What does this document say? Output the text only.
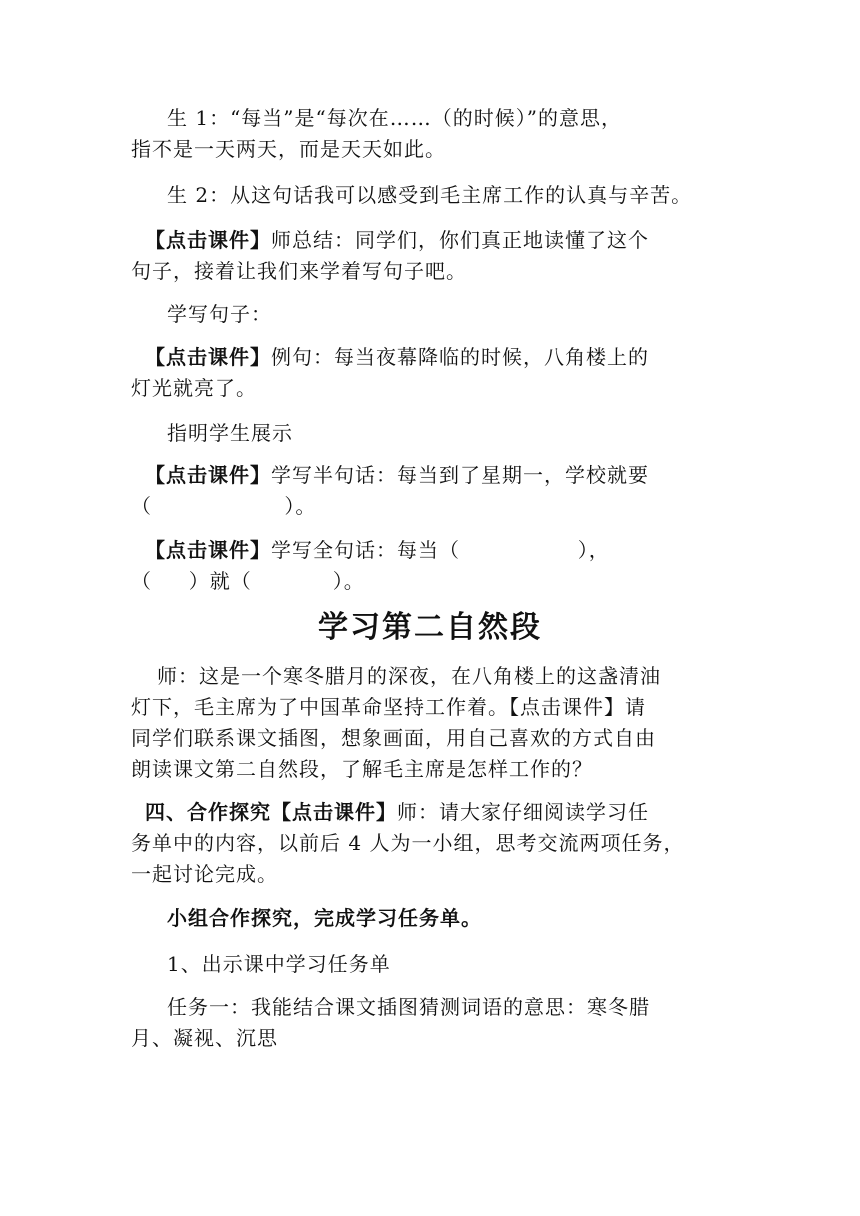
生 1：“每当”是“每次在……（的时候）”的意思，
指不是一天两天，而是天天如此。
生 2：从这句话我可以感受到毛主席工作的认真与辛苦。
【点击课件】师总结：同学们，你们真正地读懂了这个
句子，接着让我们来学着写句子吧。
学写句子：
【点击课件】例句：每当夜幕降临的时候，八角楼上的
灯光就亮了。
指明学生展示
【点击课件】学写半句话：每当到了星期一，学校就要
（                  ）。
【点击课件】学写全句话：每当（                ），
（     ）就（           ）。
学习第二自然段
师：这是一个寒冬腊月的深夜，在八角楼上的这盏清油
灯下，毛主席为了中国革命坚持工作着。【点击课件】请
同学们联系课文插图，想象画面，用自己喜欢的方式自由
朗读课文第二自然段，了解毛主席是怎样工作的？
四、合作探究【点击课件】师：请大家仔细阅读学习任
务单中的内容，以前后 4 人为一小组，思考交流两项任务，
一起讨论完成。
小组合作探究，完成学习任务单。
1、出示课中学习任务单
任务一：我能结合课文插图猜测词语的意思：寒冬腊
月、凝视、沉思
